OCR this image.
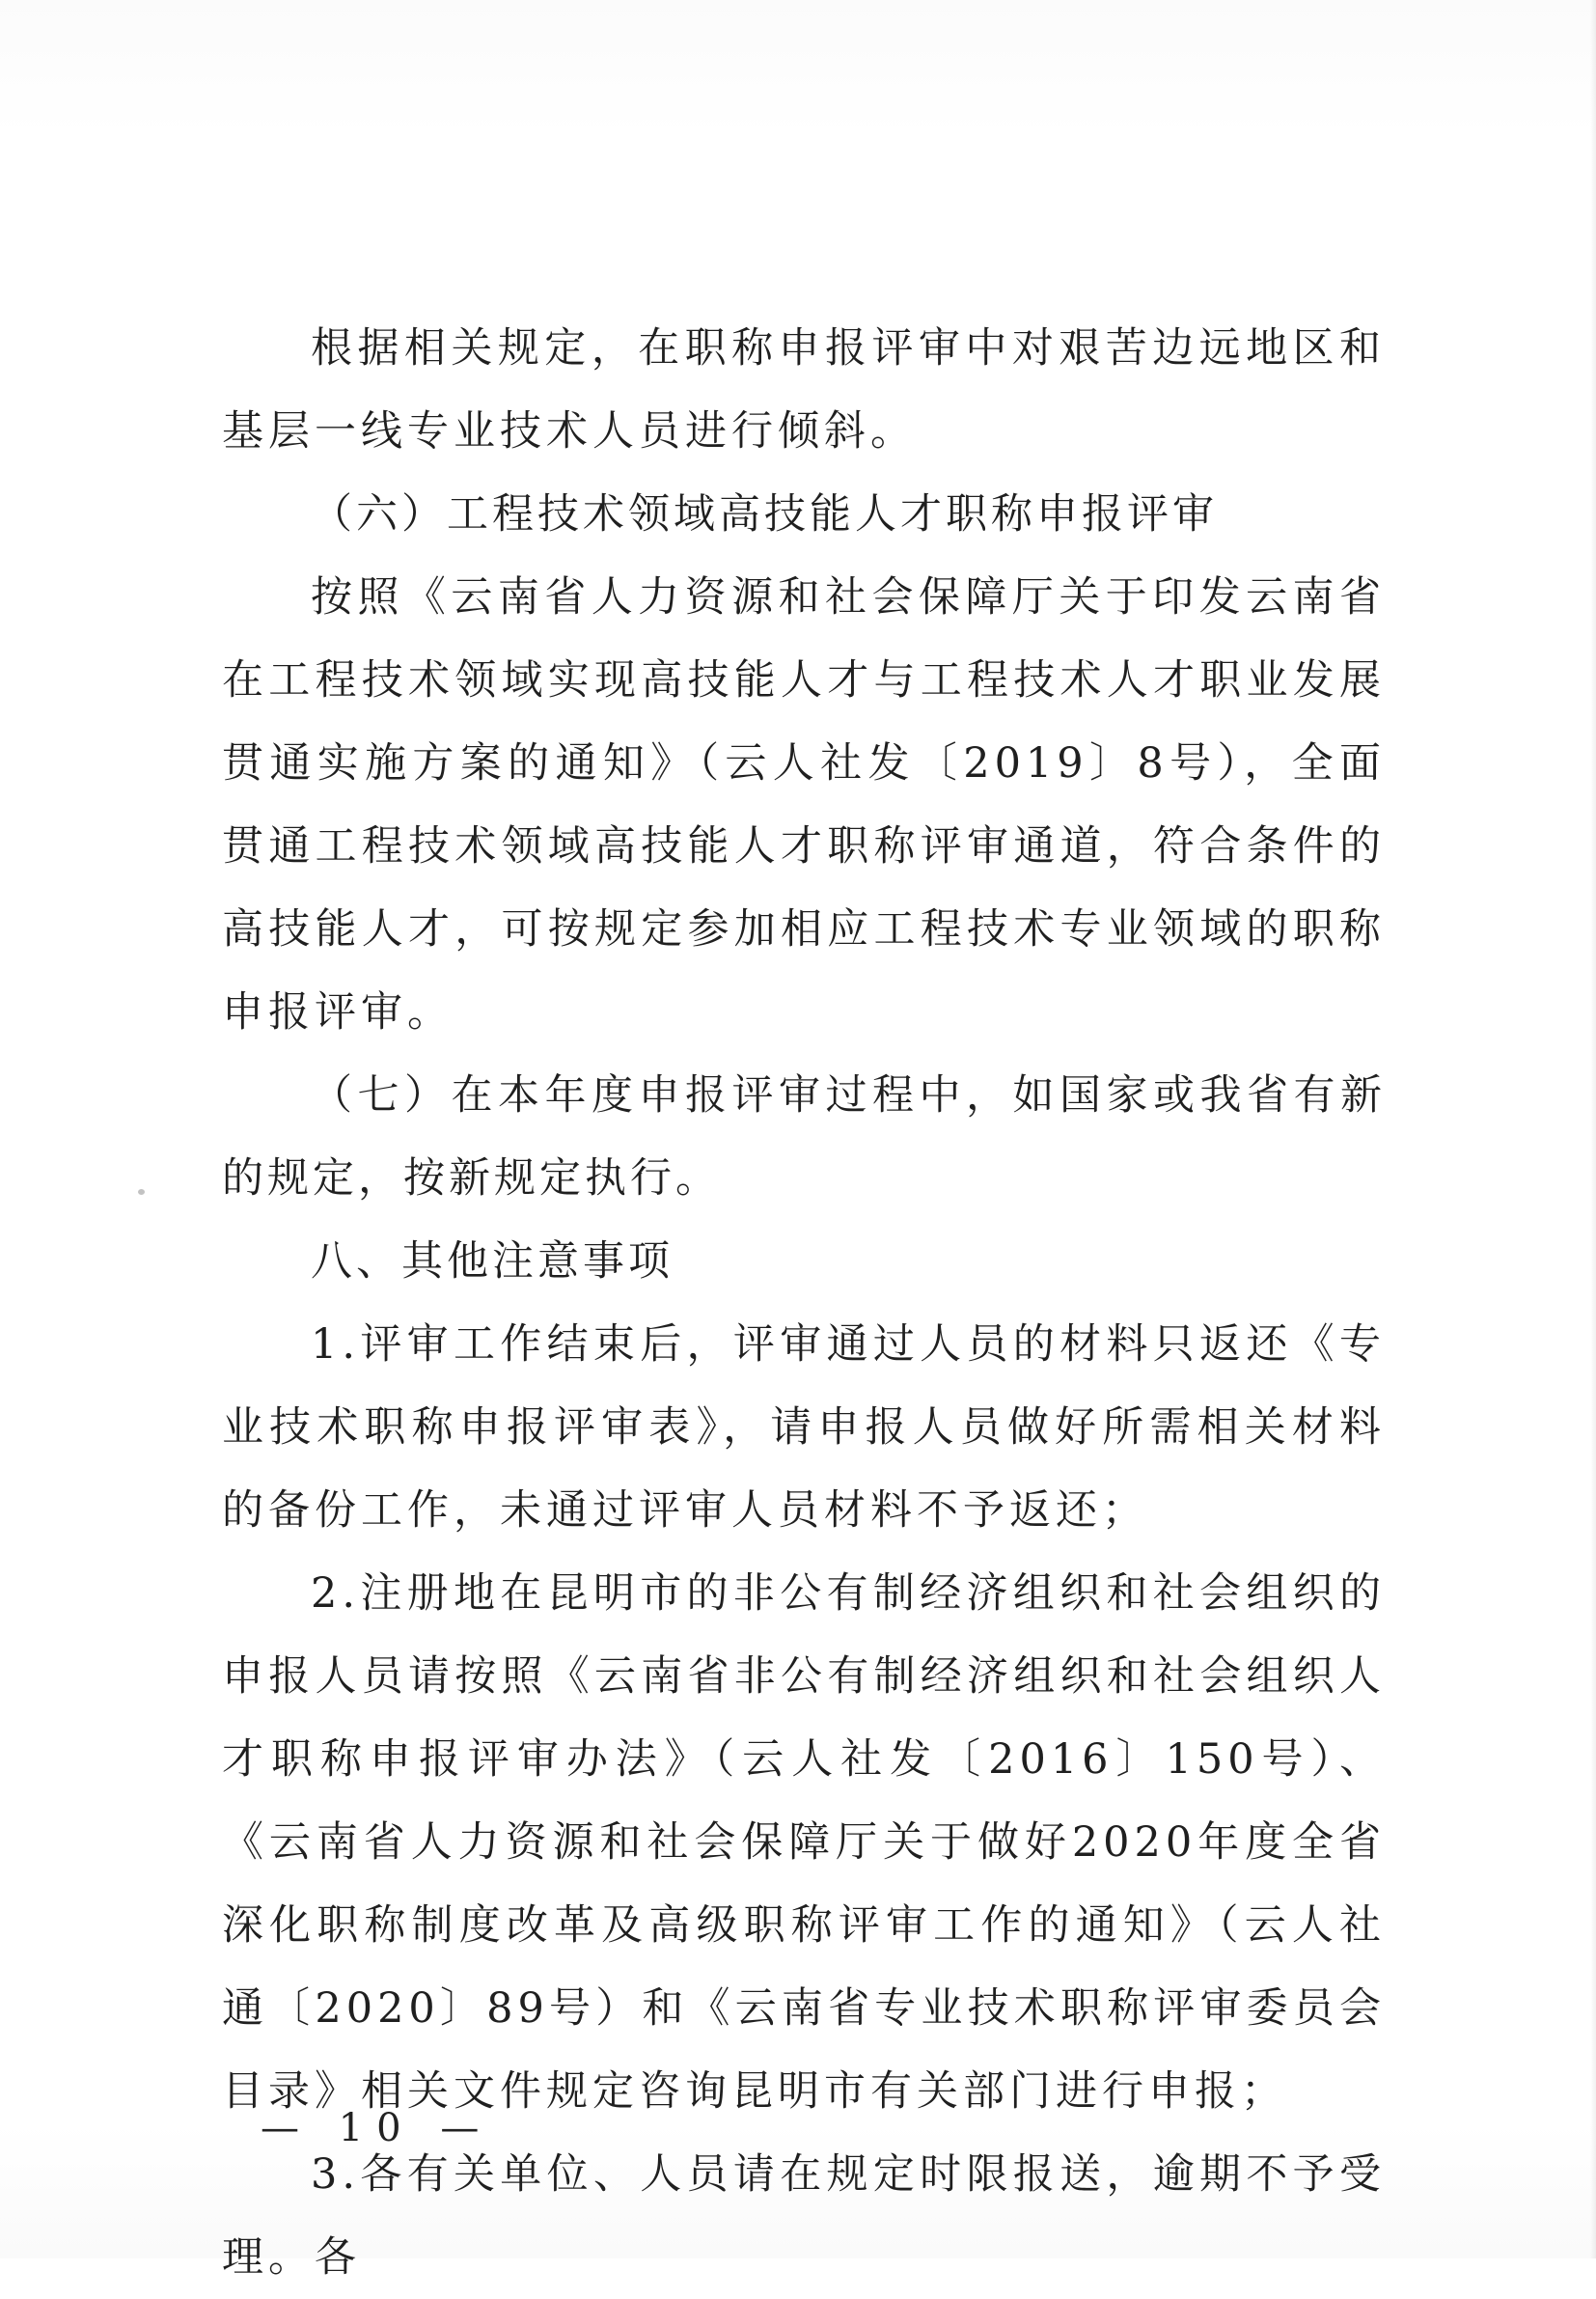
根据相关规定，在职称申报评审中对艰苦边远地区和基层一线专业技术人员进行倾斜。

（六）工程技术领域高技能人才职称申报评审

按照《云南省人力资源和社会保障厅关于印发云南省在工程技术领域实现高技能人才与工程技术人才职业发展贯通实施方案的通知》（云人社发〔2019〕8号），全面贯通工程技术领域高技能人才职称评审通道，符合条件的高技能人才，可按规定参加相应工程技术专业领域的职称申报评审。

（七）在本年度申报评审过程中，如国家或我省有新的规定，按新规定执行。

八、其他注意事项

1.评审工作结束后，评审通过人员的材料只返还《专业技术职称申报评审表》，请申报人员做好所需相关材料的备份工作，未通过评审人员材料不予返还；

2.注册地在昆明市的非公有制经济组织和社会组织的申报人员请按照《云南省非公有制经济组织和社会组织人才职称申报评审办法》（云人社发〔2016〕150号）、《云南省人力资源和社会保障厅关于做好2020年度全省深化职称制度改革及高级职称评审工作的通知》（云人社通〔2020〕89号）和《云南省专业技术职称评审委员会目录》相关文件规定咨询昆明市有关部门进行申报；

3.各有关单位、人员请在规定时限报送，逾期不予受理。各

— 10 —
